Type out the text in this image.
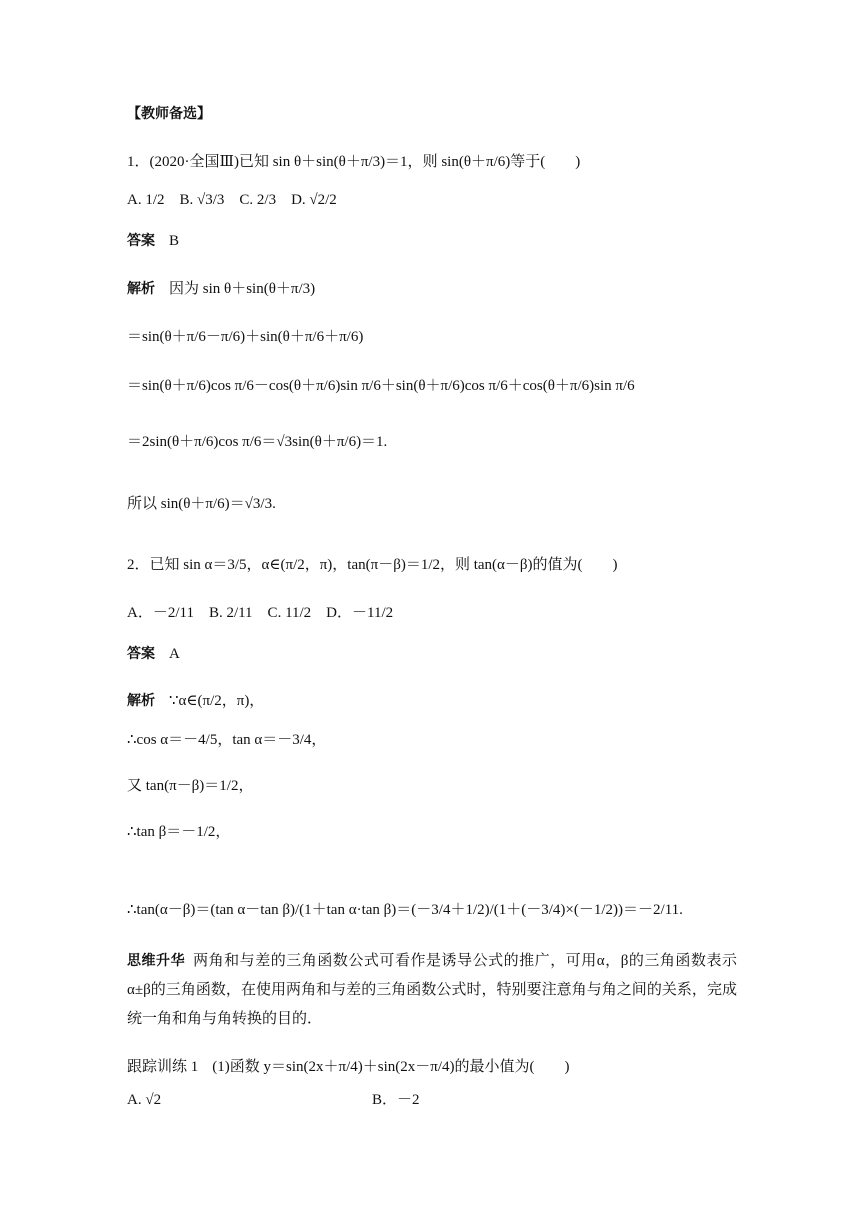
【教师备选】
1．(2020·全国Ⅲ)已知 sin θ＋sin(θ＋π/3)＝1，则 sin(θ＋π/6)等于(　　)
A. 1/2　B. √3/3　C. 2/3　D. √2/2
答案 B
解析 因为 sin θ＋sin(θ＋π/3)
＝sin(θ＋π/6－π/6)＋sin(θ＋π/6＋π/6)
＝sin(θ＋π/6)cos π/6－cos(θ＋π/6)sin π/6＋sin(θ＋π/6)cos π/6＋cos(θ＋π/6)sin π/6
＝2sin(θ＋π/6)cos π/6＝√3sin(θ＋π/6)＝1.
所以 sin(θ＋π/6)＝√3/3.
2．已知 sin α＝3/5，α∈(π/2，π)，tan(π－β)＝1/2，则 tan(α－β)的值为(　　)
A．－2/11　B. 2/11　C. 11/2　D．－11/2
答案 A
解析 ∵α∈(π/2，π)，
∴cos α＝－4/5，tan α＝－3/4，
又 tan(π－β)＝1/2，
∴tan β＝－1/2，
∴tan(α－β)＝(tan α－tan β)/(1＋tan α·tan β)＝(－3/4＋1/2)/(1＋(－3/4)×(－1/2))＝－2/11.
思维升华 两角和与差的三角函数公式可看作是诱导公式的推广，可用α，β的三角函数表示α±β的三角函数，在使用两角和与差的三角函数公式时，特别要注意角与角之间的关系，完成统一角和角与角转换的目的．
跟踪训练 1 (1)函数 y＝sin(2x＋π/4)＋sin(2x－π/4)的最小值为(　　)
A. √2	B．－2
